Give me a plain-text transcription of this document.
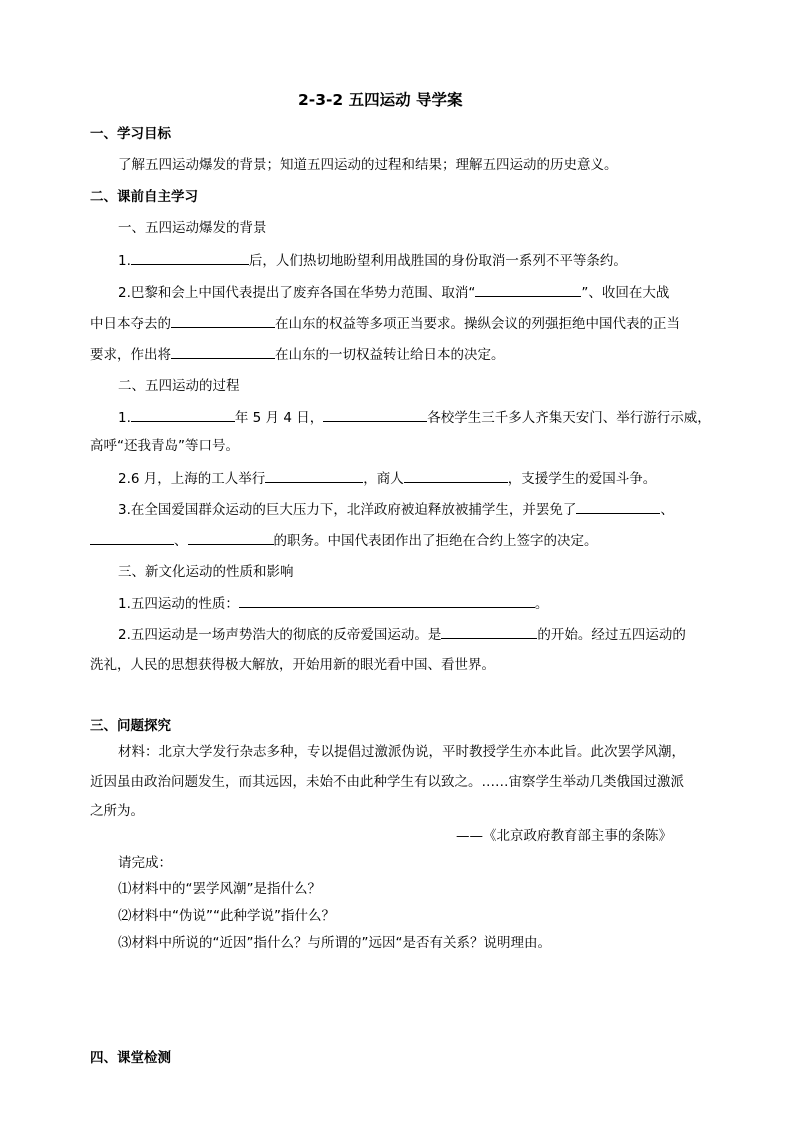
2-3-2 五四运动 导学案
一、学习目标
了解五四运动爆发的背景；知道五四运动的过程和结果；理解五四运动的历史意义。
二、课前自主学习
一、五四运动爆发的背景
1.	后，人们热切地盼望利用战胜国的身份取消一系列不平等条约。
2.巴黎和会上中国代表提出了废弃各国在华势力范围、取消“	”、收回在大战
中日本夺去的	在山东的权益等多项正当要求。操纵会议的列强拒绝中国代表的正当
要求，作出将	在山东的一切权益转让给日本的决定。
二、五四运动的过程
1.	年 5 月 4 日，	各校学生三千多人齐集天安门、举行游行示威，
高呼“还我青岛”等口号。
2.6 月，上海的工人举行	，商人	，支援学生的爱国斗争。
3.在全国爱国群众运动的巨大压力下，北洋政府被迫释放被捕学生，并罢免了	、
、	的职务。中国代表团作出了拒绝在合约上签字的决定。
三、新文化运动的性质和影响
1.五四运动的性质：	。
2.五四运动是一场声势浩大的彻底的反帝爱国运动。是	的开始。经过五四运动的
洗礼，人民的思想获得极大解放，开始用新的眼光看中国、看世界。
三、问题探究
材料：北京大学发行杂志多种，专以提倡过激派伪说，平时教授学生亦本此旨。此次罢学风潮，
近因虽由政治问题发生，而其远因，未始不由此种学生有以致之。……宙察学生举动几类俄国过激派
之所为。
——《北京政府教育部主事的条陈》
请完成：
⑴材料中的“罢学风潮”是指什么？
⑵材料中“伪说”“此种学说”指什么？
⑶材料中所说的“近因”指什么？与所谓的”远因“是否有关系？说明理由。
四、课堂检测
